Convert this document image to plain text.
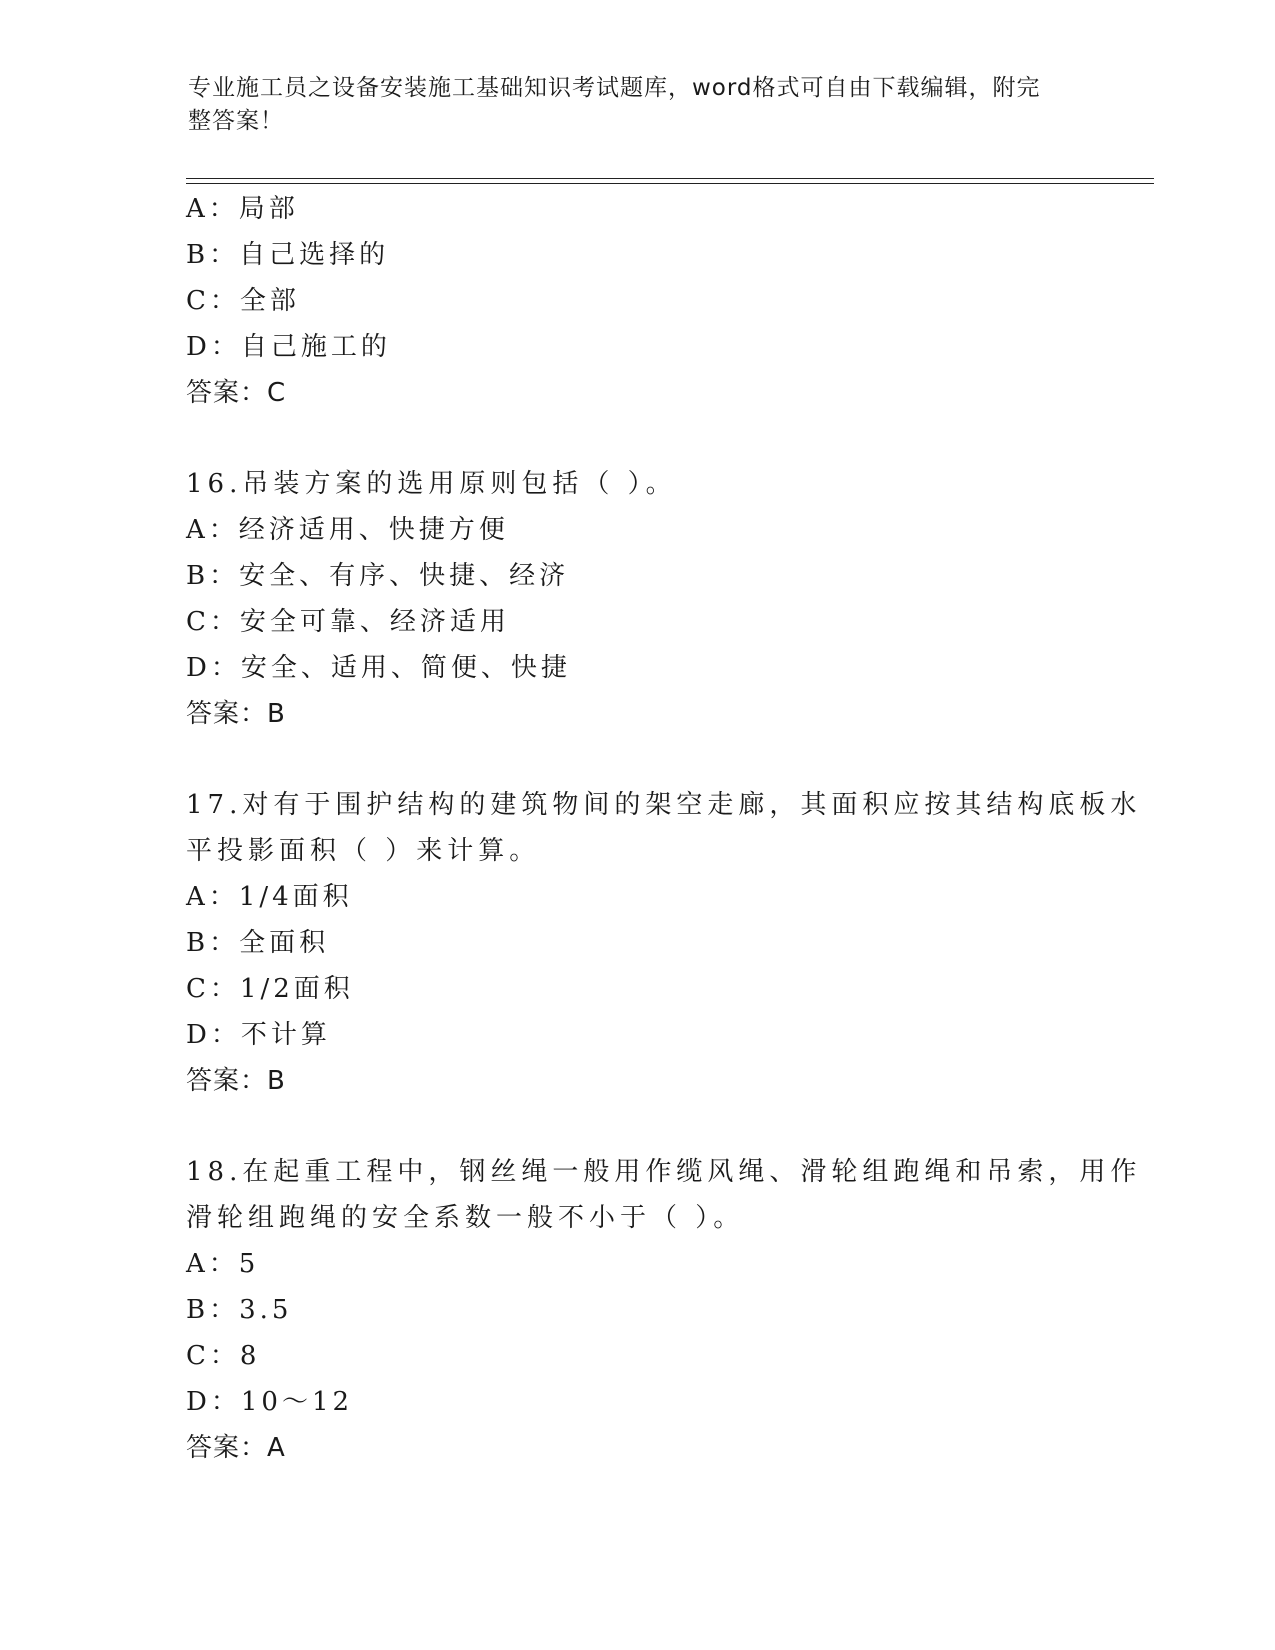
专业施工员之设备安装施工基础知识考试题库，word格式可自由下载编辑，附完
整答案！
A：局部
B：自己选择的
C：全部
D：自己施工的
答案：C
16.吊装方案的选用原则包括（ ）。
A：经济适用、快捷方便
B：安全、有序、快捷、经济
C：安全可靠、经济适用
D：安全、适用、简便、快捷
答案：B
17.对有于围护结构的建筑物间的架空走廊，其面积应按其结构底板水
平投影面积（ ）来计算。
A：1/4面积
B：全面积
C：1/2面积
D：不计算
答案：B
18.在起重工程中，钢丝绳一般用作缆风绳、滑轮组跑绳和吊索，用作
滑轮组跑绳的安全系数一般不小于（ ）。
A：5
B：3.5
C：8
D：10～12
答案：A
